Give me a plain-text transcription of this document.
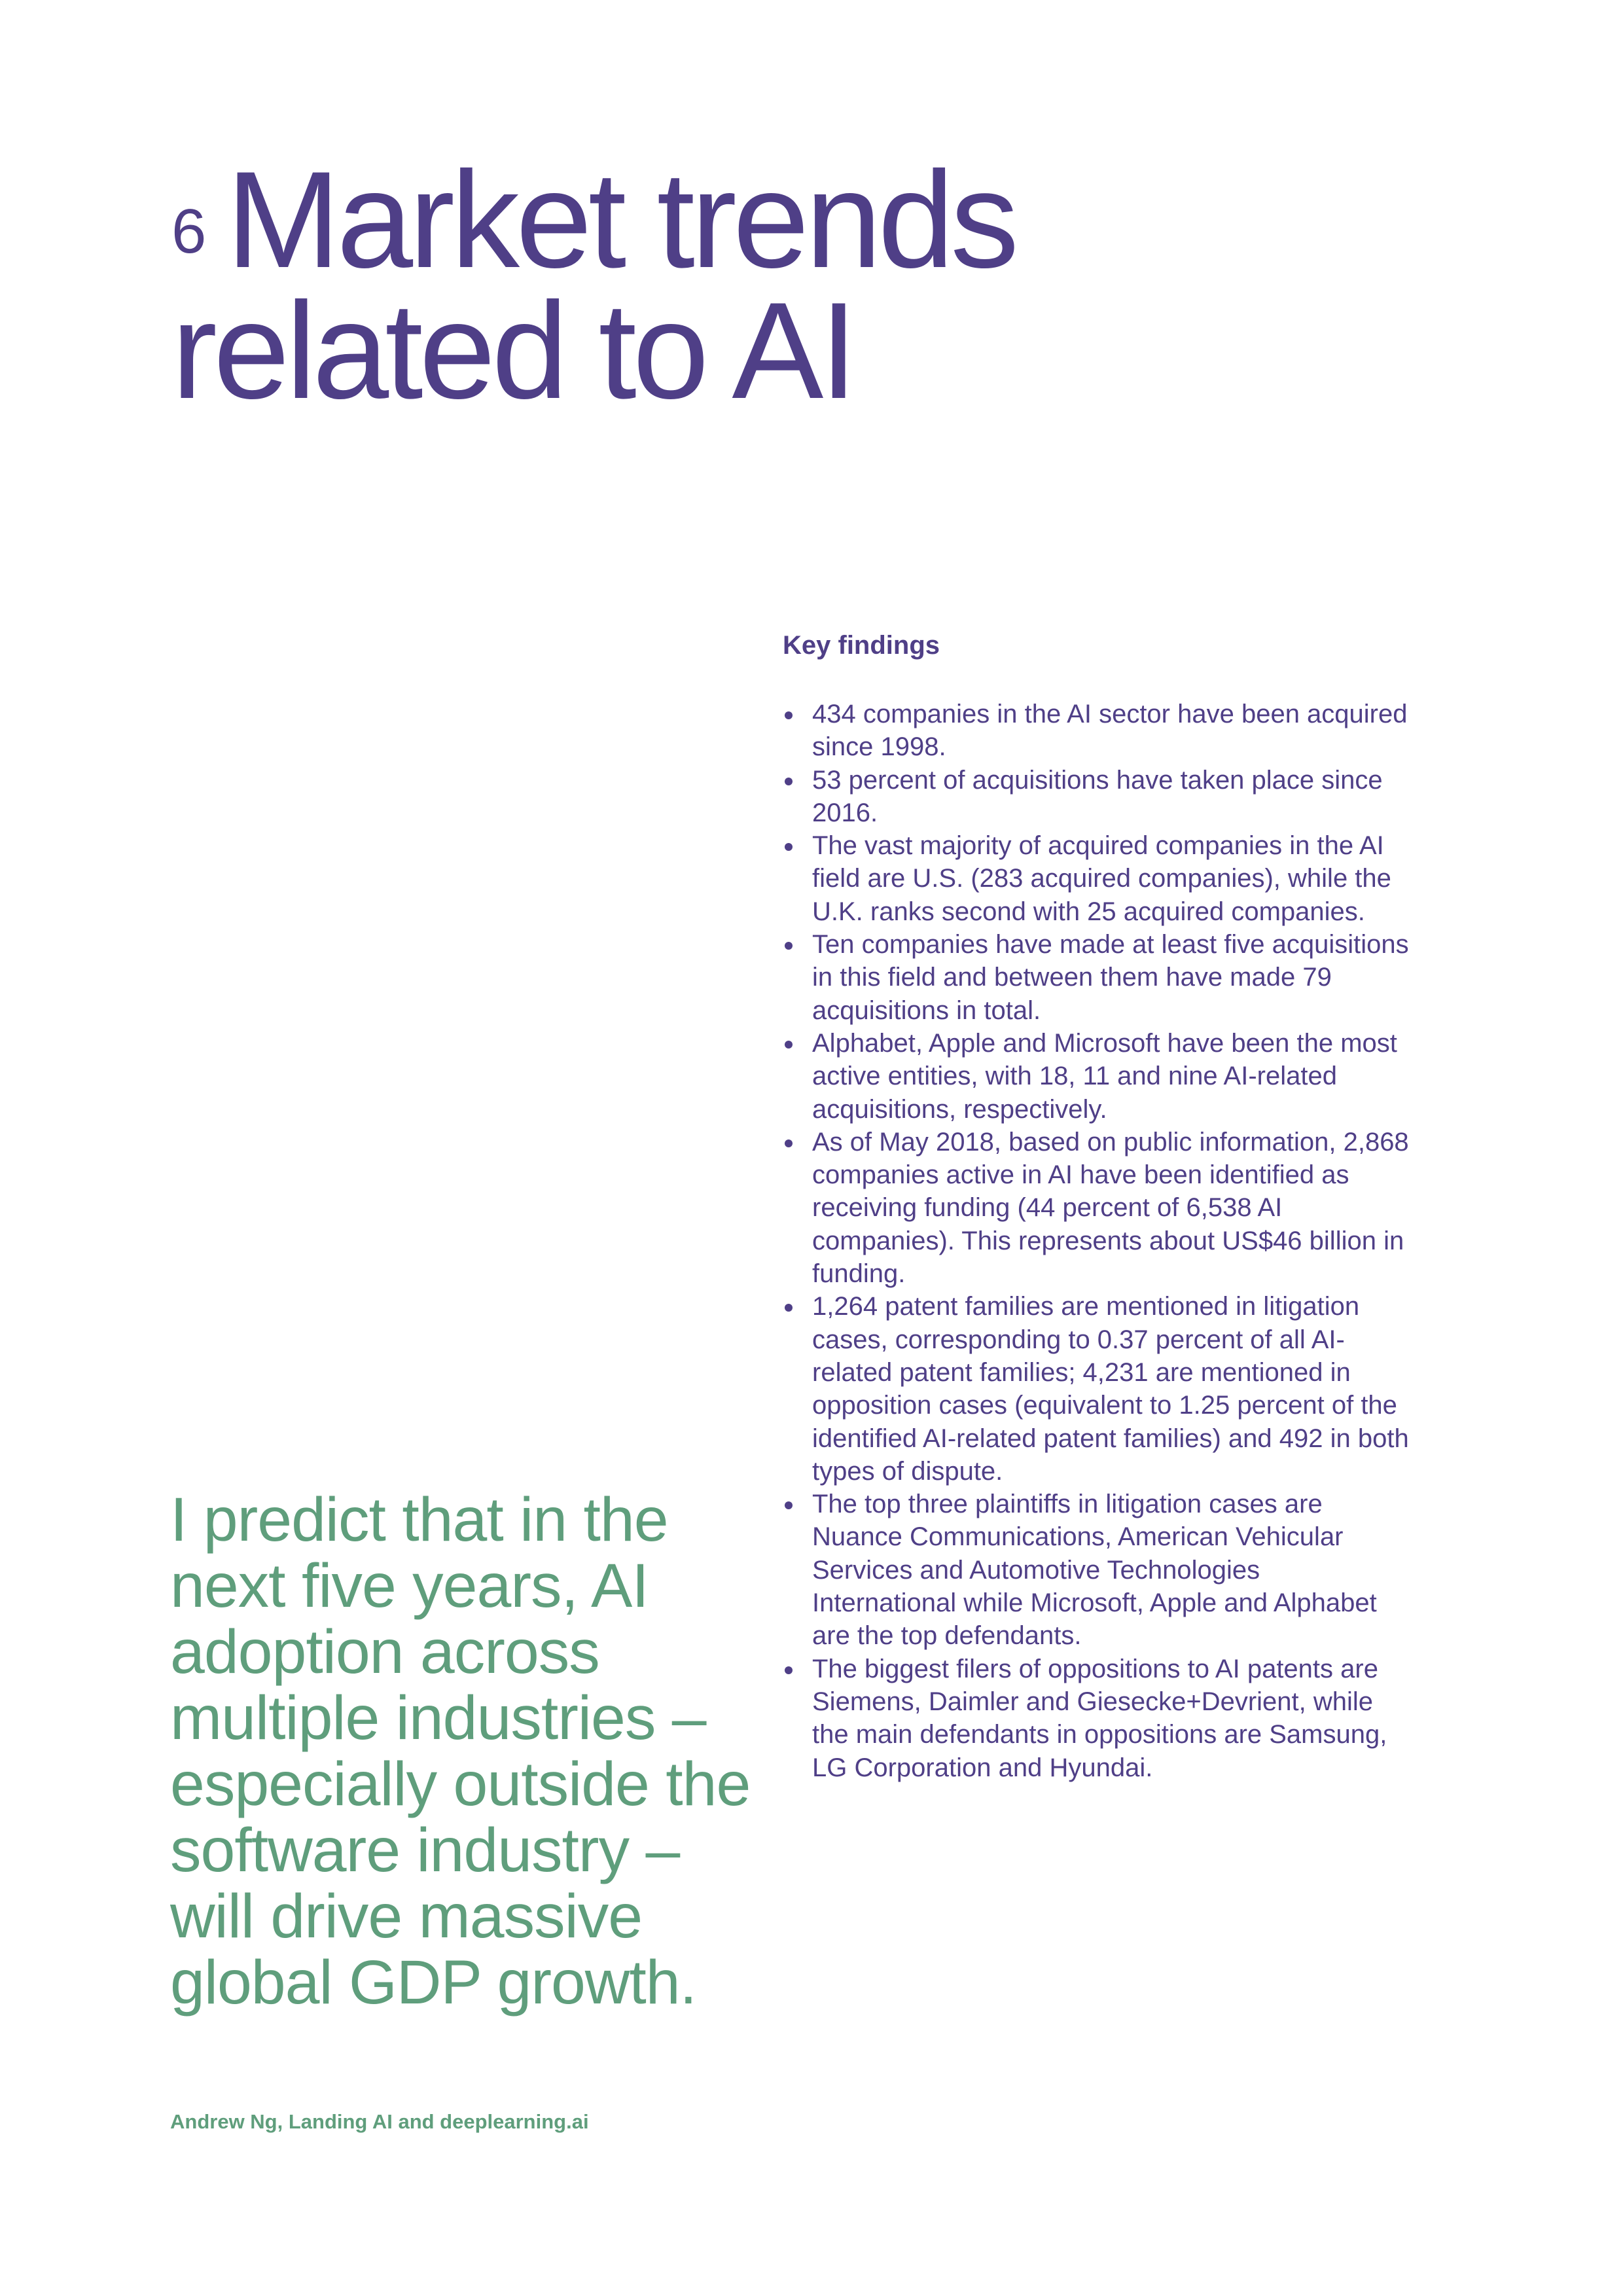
$^6$ Market trends
related to AI
Key findings
434 companies in the AI sector have been acquired since 1998.
53 percent of acquisitions have taken place since 2016.
The vast majority of acquired companies in the AI field are U.S. (283 acquired companies), while the U.K. ranks second with 25 acquired companies.
Ten companies have made at least five acquisitions in this field and between them have made 79 acquisitions in total.
Alphabet, Apple and Microsoft have been the most active entities, with 18, 11 and nine AI-related acquisitions, respectively.
As of May 2018, based on public information, 2,868 companies active in AI have been identified as receiving funding (44 percent of 6,538 AI companies). This represents about US$46 billion in funding.
1,264 patent families are mentioned in litigation cases, corresponding to 0.37 percent of all AI-related patent families; 4,231 are mentioned in opposition cases (equivalent to 1.25 percent of the identified AI-related patent families) and 492 in both types of dispute.
The top three plaintiffs in litigation cases are Nuance Communications, American Vehicular Services and Automotive Technologies International while Microsoft, Apple and Alphabet are the top defendants.
The biggest filers of oppositions to AI patents are Siemens, Daimler and Giesecke+Devrient, while the main defendants in oppositions are Samsung, LG Corporation and Hyundai.

I predict that in the next five years, AI adoption across multiple industries – especially outside the software industry – will drive massive global GDP growth.

Andrew Ng, Landing AI and deeplearning.ai
